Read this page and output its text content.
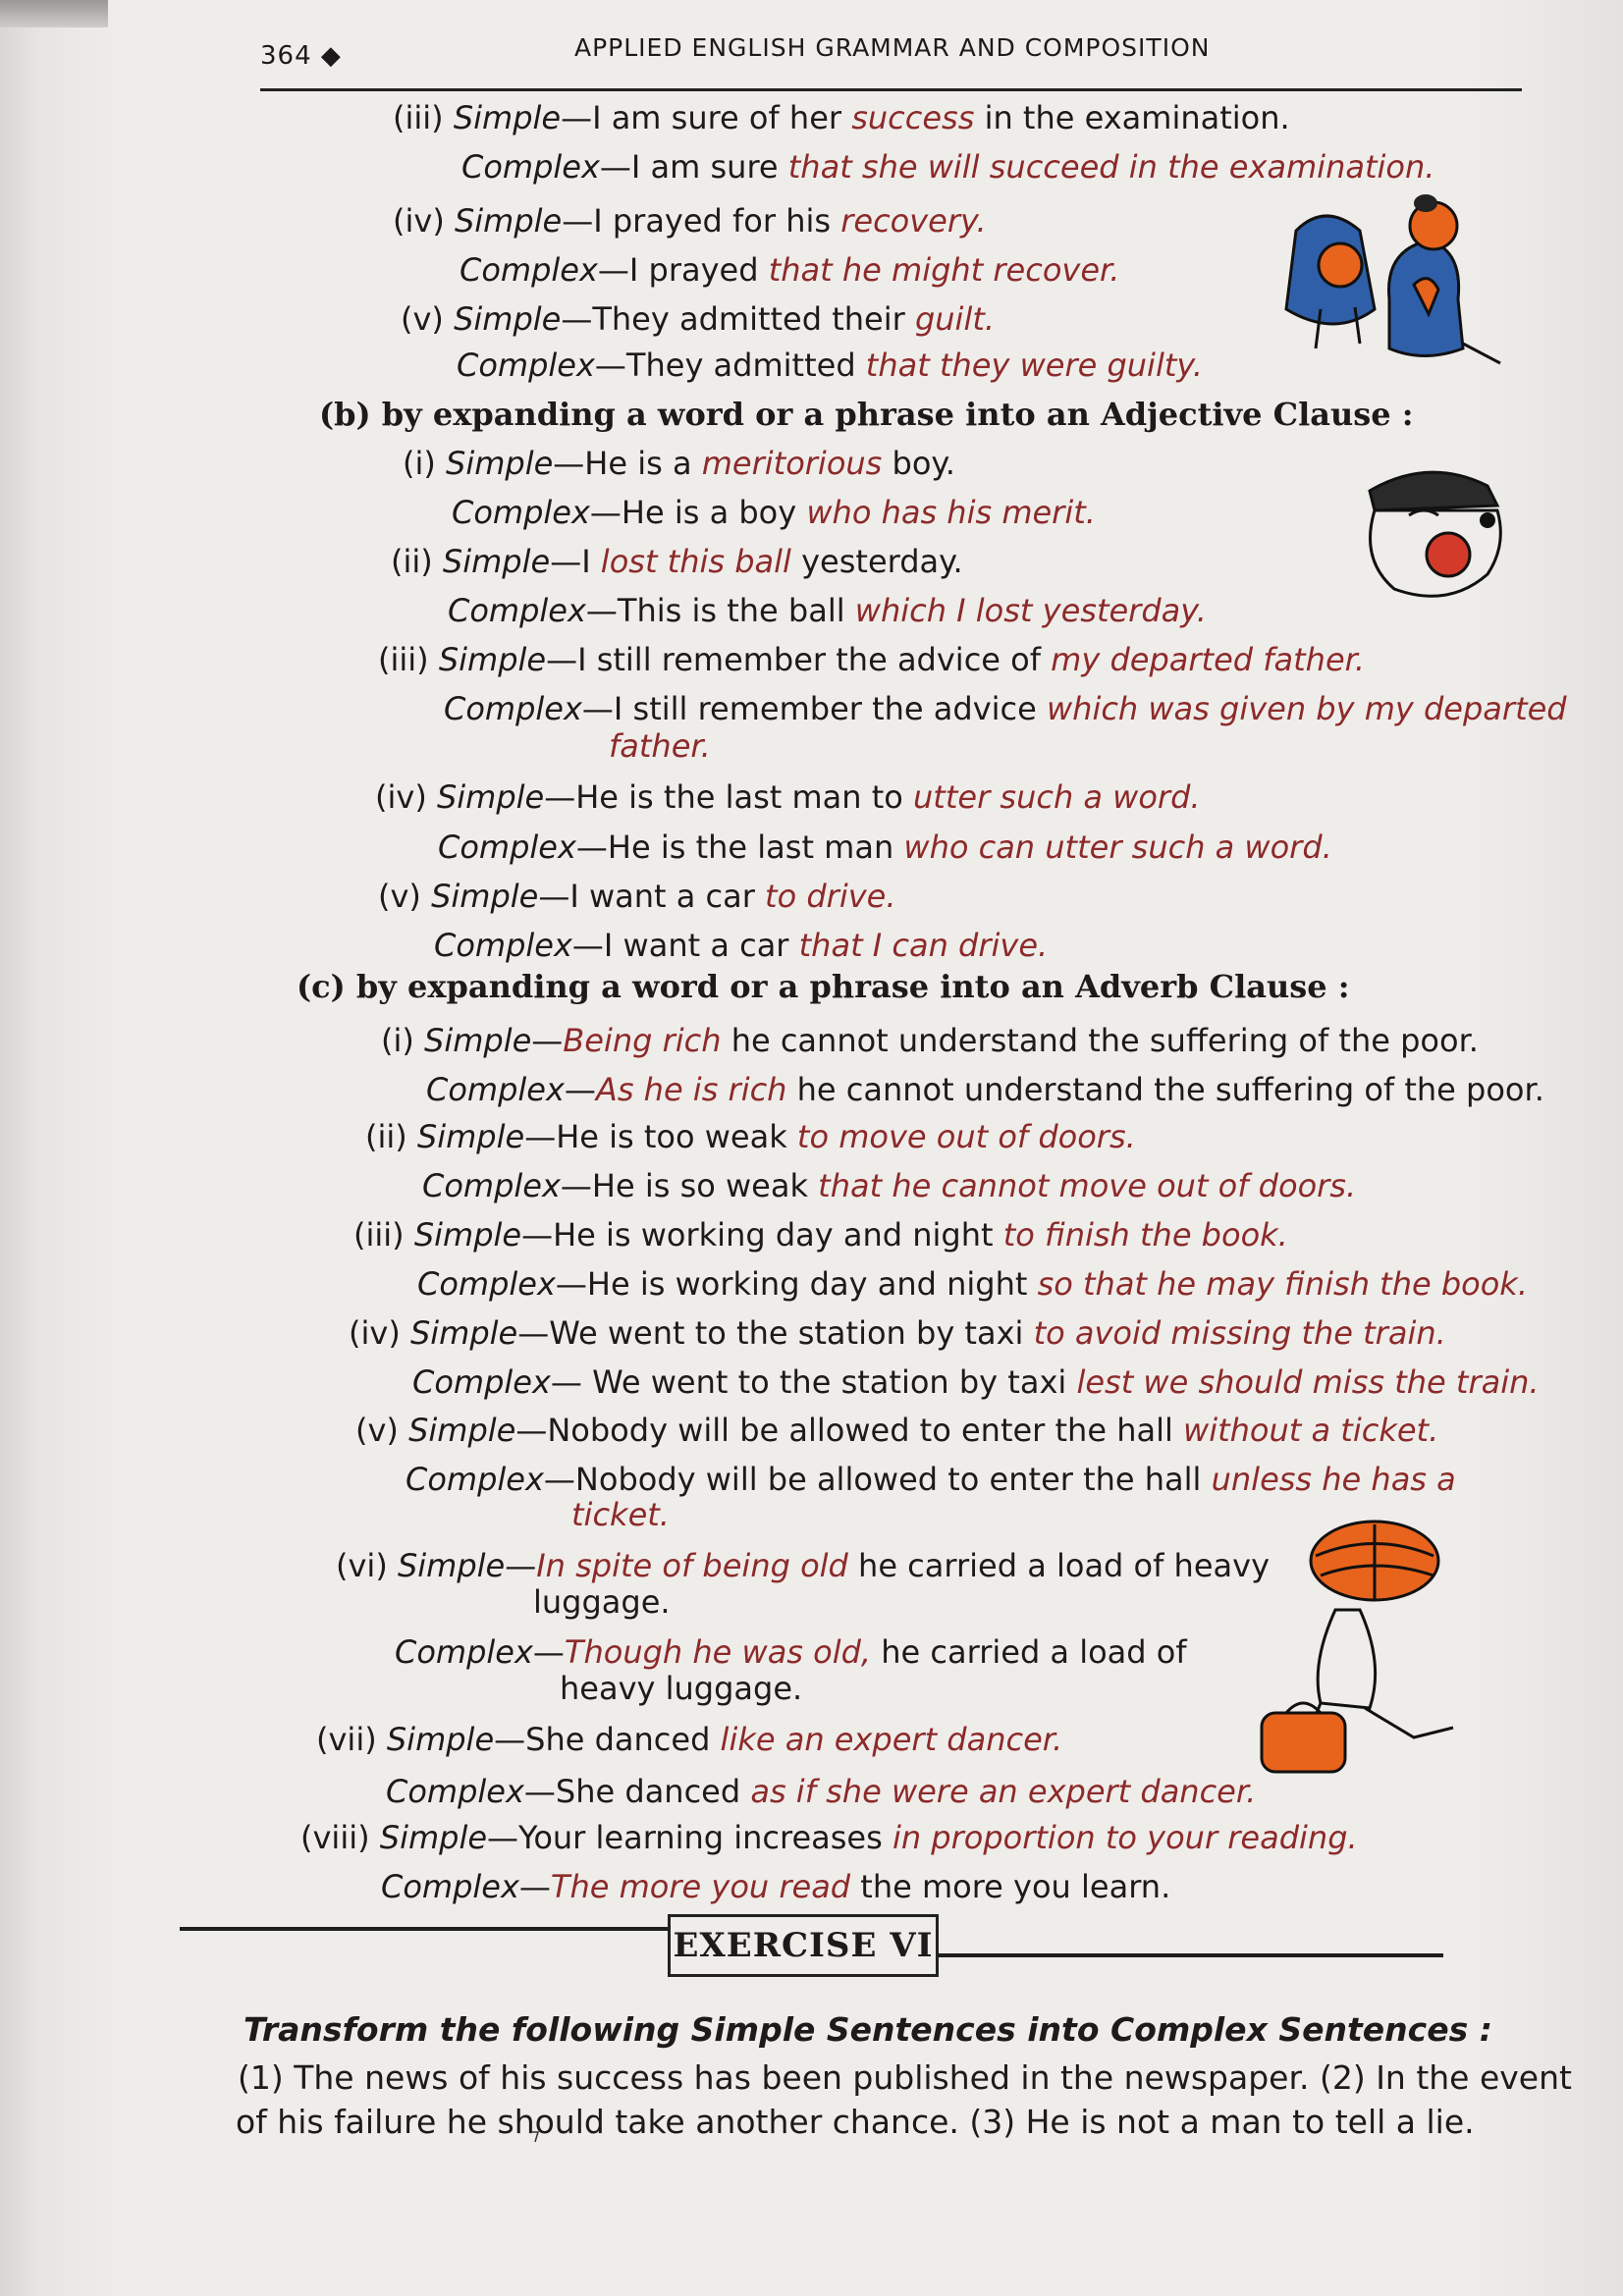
364 ◆	APPLIED ENGLISH GRAMMAR AND COMPOSITION
(iii) Simple—I am sure of her success in the examination.
Complex—I am sure that she will succeed in the examination.
(iv) Simple—I prayed for his recovery.
Complex—I prayed that he might recover.
(v) Simple—They admitted their guilt.
Complex—They admitted that they were guilty.
(b) by expanding a word or a phrase into an Adjective Clause :
(i) Simple—He is a meritorious boy.
Complex—He is a boy who has his merit.
(ii) Simple—I lost this ball yesterday.
Complex—This is the ball which I lost yesterday.
(iii) Simple—I still remember the advice of my departed father.
Complex—I still remember the advice which was given by my departed
father.
(iv) Simple—He is the last man to utter such a word.
Complex—He is the last man who can utter such a word.
(v) Simple—I want a car to drive.
Complex—I want a car that I can drive.
(c) by expanding a word or a phrase into an Adverb Clause :
(i) Simple—Being rich he cannot understand the suffering of the poor.
Complex—As he is rich he cannot understand the suffering of the poor.
(ii) Simple—He is too weak to move out of doors.
Complex—He is so weak that he cannot move out of doors.
(iii) Simple—He is working day and night to finish the book.
Complex—He is working day and night so that he may finish the book.
(iv) Simple—We went to the station by taxi to avoid missing the train.
Complex— We went to the station by taxi lest we should miss the train.
(v) Simple—Nobody will be allowed to enter the hall without a ticket.
Complex—Nobody will be allowed to enter the hall unless he has a
ticket.
(vi) Simple—In spite of being old he carried a load of heavy
luggage.
Complex—Though he was old, he carried a load of
heavy luggage.
(vii) Simple—She danced like an expert dancer.
Complex—She danced as if she were an expert dancer.
(viii) Simple—Your learning increases in proportion to your reading.
Complex—The more you read the more you learn.
EXERCISE VI
Transform the following Simple Sentences into Complex Sentences :
(1) The news of his success has been published in the newspaper. (2) In the event
of his failure he should take another chance. (3) He is not a man to tell a lie.
